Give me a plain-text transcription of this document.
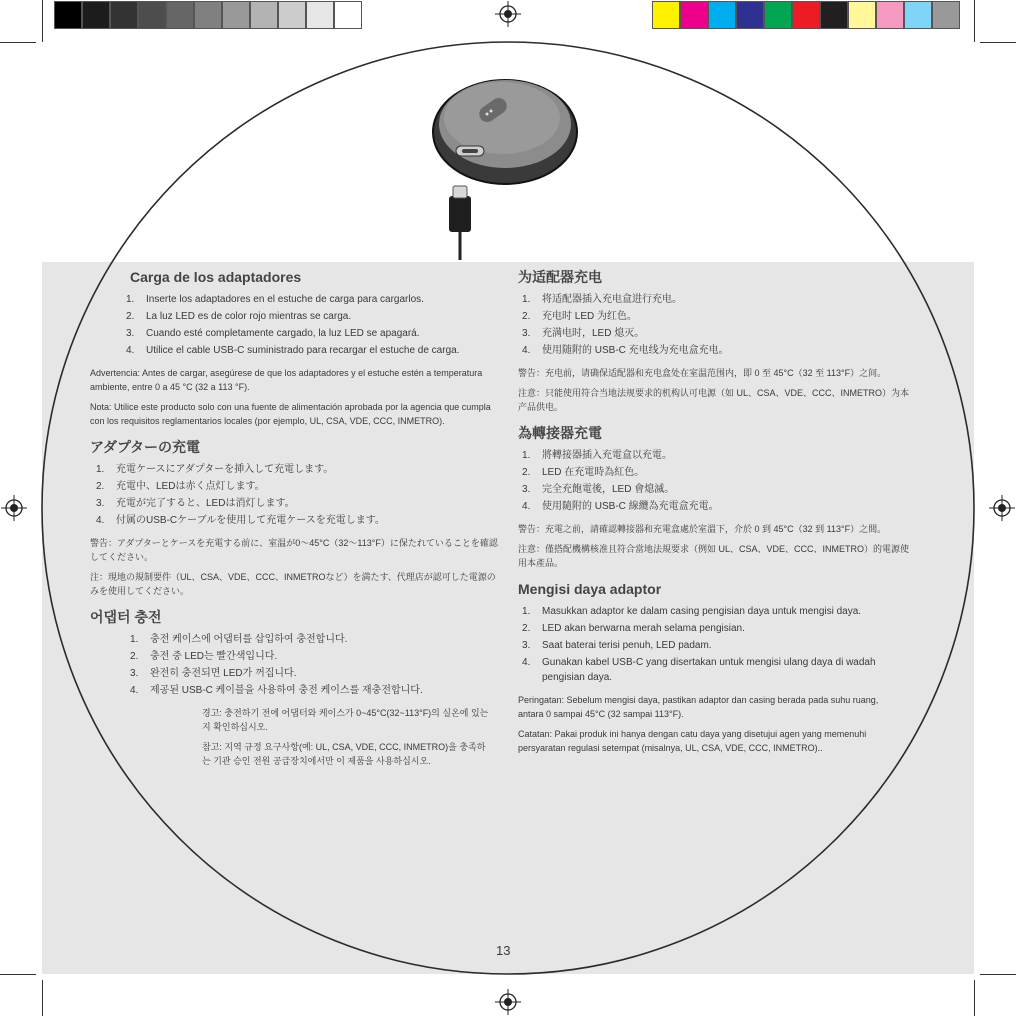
Carga de los adaptadores
1. Inserte los adaptadores en el estuche de carga para cargarlos.
2. La luz LED es de color rojo mientras se carga.
3. Cuando esté completamente cargado, la luz LED se apagará.
4. Utilice el cable USB-C suministrado para recargar el estuche de carga.

Advertencia: Antes de cargar, asegúrese de que los adaptadores y el estuche estén a temperatura ambiente, entre 0 a 45 °C (32 a 113 °F).

Nota: Utilice este producto solo con una fuente de alimentación aprobada por la agencia que cumpla con los requisitos reglamentarios locales (por ejemplo, UL, CSA, VDE, CCC, INMETRO).

アダプターの充電
1. 充電ケースにアダプターを挿入して充電します。
2. 充電中、LEDは赤く点灯します。
3. 充電が完了すると、LEDは消灯します。
4. 付属のUSB-Cケーブルを使用して充電ケースを充電します。

警告：アダプターとケースを充電する前に、室温が0～45°C（32～113°F）に保たれていることを確認してください。

注：現地の規制要件（UL、CSA、VDE、CCC、INMETROなど）を満たす、代理店が認可した電源のみを使用してください。

어댑터 충전
1. 충전 케이스에 어댑터를 삽입하여 충전합니다.
2. 충전 중 LED는 빨간색입니다.
3. 완전히 충전되면 LED가 꺼집니다.
4. 제공된 USB-C 케이블을 사용하여 충전 케이스를 재충전합니다.

경고: 충전하기 전에 어댑터와 케이스가 0~45°C(32~113°F)의 실온에 있는지 확인하십시오.

참고: 지역 규정 요구사항(예: UL, CSA, VDE, CCC, INMETRO)을 충족하는 기관 승인 전원 공급장치에서만 이 제품을 사용하십시오.

为适配器充电
1. 将适配器插入充电盒进行充电。
2. 充电时 LED 为红色。
3. 充满电时，LED 熄灭。
4. 使用随附的 USB-C 充电线为充电盒充电。

警告：充电前，请确保适配器和充电盒处在室温范围内，即 0 至 45°C（32 至 113°F）之间。

注意：只能使用符合当地法规要求的机构认可电源（如 UL、CSA、VDE、CCC、INMETRO）为本产品供电。

為轉接器充電
1. 將轉接器插入充電盒以充電。
2. LED 在充電時為紅色。
3. 完全充飽電後，LED 會熄滅。
4. 使用隨附的 USB-C 線纜為充電盒充電。

警告：充電之前，請確認轉接器和充電盒處於室溫下，介於 0 到 45°C（32 到 113°F）之間。

注意：僅搭配機構核准且符合當地法規要求（例如 UL、CSA、VDE、CCC、INMETRO）的電源使用本產品。

Mengisi daya adaptor
1. Masukkan adaptor ke dalam casing pengisian daya untuk mengisi daya.
2. LED akan berwarna merah selama pengisian.
3. Saat baterai terisi penuh, LED padam.
4. Gunakan kabel USB-C yang disertakan untuk mengisi ulang daya di wadah pengisian daya.

Peringatan: Sebelum mengisi daya, pastikan adaptor dan casing berada pada suhu ruang, antara 0 sampai 45°C (32 sampai 113°F).

Catatan: Pakai produk ini hanya dengan catu daya yang disetujui agen yang memenuhi persyaratan regulasi setempat (misalnya, UL, CSA, VDE, CCC, INMETRO)..

13
